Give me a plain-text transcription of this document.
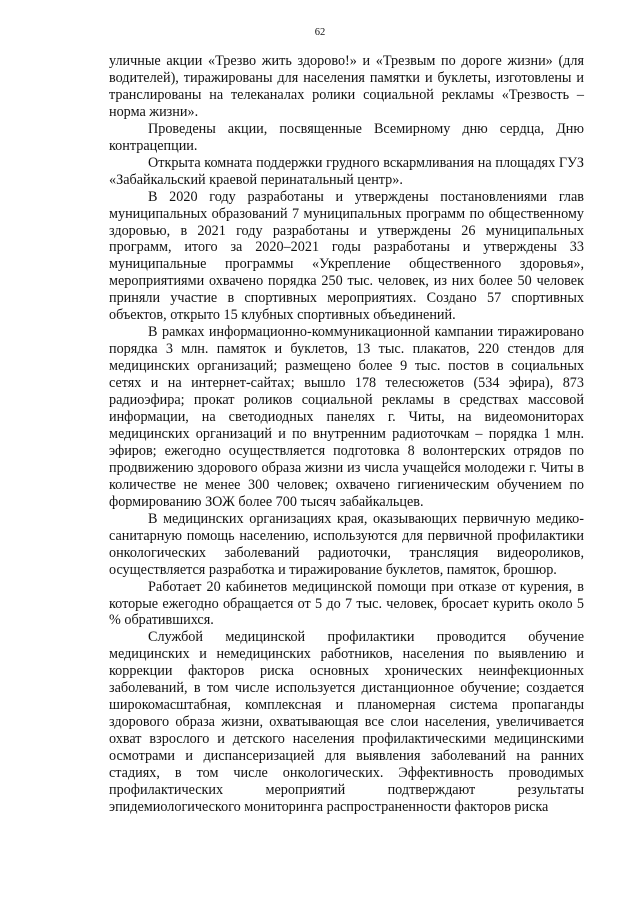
62

уличные акции «Трезво жить здорово!» и «Трезвым по дороге жизни» (для водителей), тиражированы для населения памятки и буклеты, изготовлены и транслированы на телеканалах ролики социальной рекламы «Трезвость – норма жизни».

Проведены акции, посвященные Всемирному дню сердца, Дню контрацепции.

Открыта комната поддержки грудного вскармливания на площадях ГУЗ «Забайкальский краевой перинатальный центр».

В 2020 году разработаны и утверждены постановлениями глав муниципальных образований 7 муниципальных программ по общественному здоровью, в 2021 году разработаны и утверждены 26 муниципальных программ, итого за 2020–2021 годы разработаны и утверждены 33 муниципальные программы «Укрепление общественного здоровья», мероприятиями охвачено порядка 250 тыс. человек, из них более 50 человек приняли участие в спортивных мероприятиях. Создано 57 спортивных объектов, открыто 15 клубных спортивных объединений.

В рамках информационно-коммуникационной кампании тиражировано порядка 3 млн. памяток и буклетов, 13 тыс. плакатов, 220 стендов для медицинских организаций; размещено более 9 тыс. постов в социальных сетях и на интернет-сайтах; вышло 178 телесюжетов (534 эфира), 873 радиоэфира; прокат роликов социальной рекламы в средствах массовой информации, на светодиодных панелях г. Читы, на видеомониторах медицинских организаций и по внутренним радиоточкам – порядка 1 млн. эфиров; ежегодно осуществляется подготовка 8 волонтерских отрядов по продвижению здорового образа жизни из числа учащейся молодежи г. Читы в количестве не менее 300 человек; охвачено гигиеническим обучением по формированию ЗОЖ более 700 тысяч забайкальцев.

В медицинских организациях края, оказывающих первичную медико-санитарную помощь населению, используются для первичной профилактики онкологических заболеваний радиоточки, трансляция видеороликов, осуществляется разработка и тиражирование буклетов, памяток, брошюр.

Работает 20 кабинетов медицинской помощи при отказе от курения, в которые ежегодно обращается от 5 до 7 тыс. человек, бросает курить около 5 % обратившихся.

Службой медицинской профилактики проводится обучение медицинских и немедицинских работников, населения по выявлению и коррекции факторов риска основных хронических неинфекционных заболеваний, в том числе используется дистанционное обучение; создается широкомасштабная, комплексная и планомерная система пропаганды здорового образа жизни, охватывающая все слои населения, увеличивается охват взрослого и детского населения профилактическими медицинскими осмотрами и диспансеризацией для выявления заболеваний на ранних стадиях, в том числе онкологических. Эффективность проводимых профилактических мероприятий подтверждают результаты эпидемиологического мониторинга распространенности факторов риска
